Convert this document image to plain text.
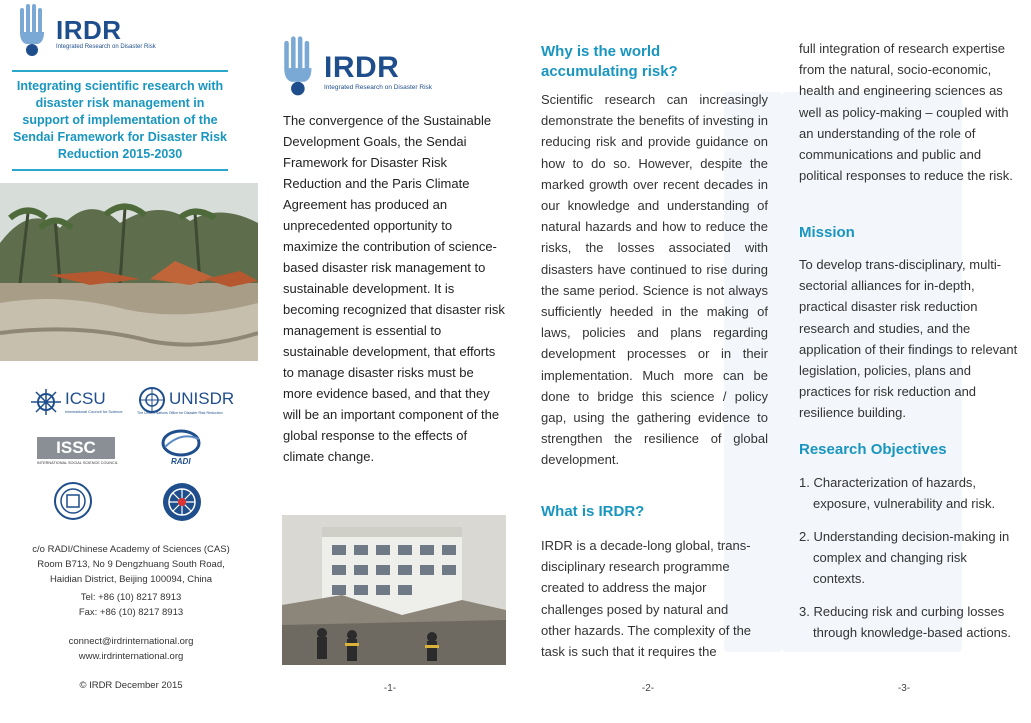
IRDR
Integrated Research on Disaster Risk
Integrating scientific research with disaster risk management in support of implementation of the Sendai Framework for Disaster Risk Reduction 2015-2030
ICSU
International Council for Science
UNISDR
The United Nations Office for Disaster Risk Reduction
ISSC
INTERNATIONAL SOCIAL SCIENCE COUNCIL	RADI
c/o RADI/Chinese Academy of Sciences (CAS)
Room B713, No 9 Dengzhuang South Road,
Haidian District, Beijing 100094, China
Tel: +86 (10) 8217 8913
Fax: +86 (10) 8217 8913
connect@irdrinternational.org
www.irdrinternational.org
© IRDR December 2015
IRDR
Integrated Research on Disaster Risk
The convergence of the Sustainable Development Goals, the Sendai Framework for Disaster Risk Reduction and the Paris Climate Agreement has produced an unprecedented opportunity to maximize the contribution of science-based disaster risk management to sustainable development. It is becoming recognized that disaster risk management is essential to sustainable development, that efforts to manage disaster risks must be more evidence based, and that they will be an important component of the global response to the effects of climate change.
-1-
Why is the world accumulating risk?
Scientific research can increasingly demonstrate the benefits of investing in reducing risk and provide guidance on how to do so. However, despite the marked growth over recent decades in our knowledge and understanding of natural hazards and how to reduce the risks, the losses associated with disasters have continued to rise during the same period. Science is not always sufficiently heeded in the making of laws, policies and plans regarding development processes or in their implementation. Much more can be done to bridge this science / policy gap, using the gathering evidence to strengthen the resilience of global development.
What is IRDR?
IRDR is a decade-long global, trans-disciplinary research programme created to address the major challenges posed by natural and other hazards. The complexity of the task is such that it requires the
-2-
full integration of research expertise from the natural, socio-economic, health and engineering sciences as well as policy-making – coupled with an understanding of the role of communications and public and political responses to reduce the risk.
Mission
To develop trans-disciplinary, multi-sectorial alliances for in-depth, practical disaster risk reduction research and studies, and the application of their findings to relevant legislation, policies, plans and practices for risk reduction and resilience building.
Research Objectives
1. Characterization of hazards, exposure, vulnerability and risk.
2. Understanding decision-making in complex and changing risk contexts.
3. Reducing risk and curbing losses through knowledge-based actions.
-3-
